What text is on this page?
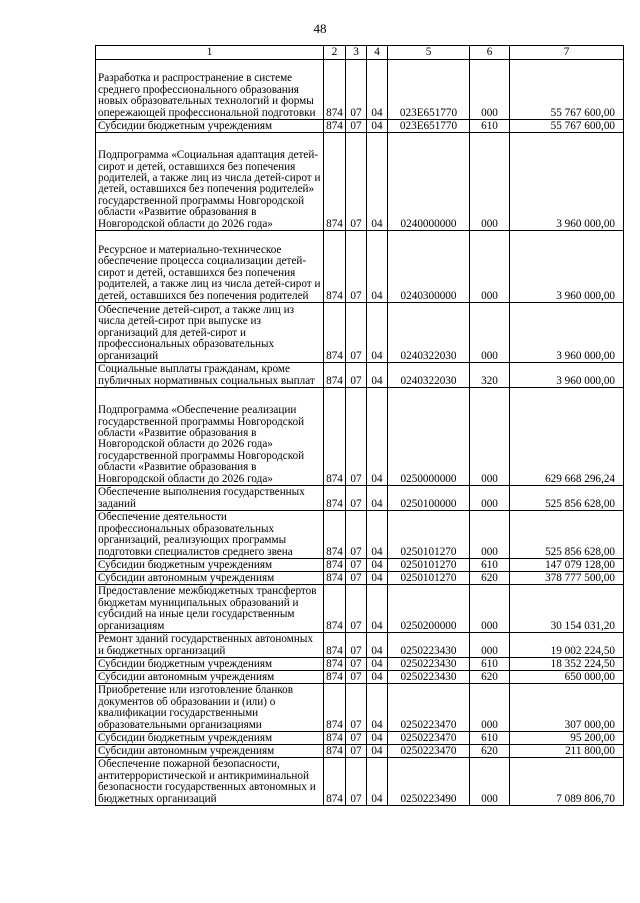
48
1	2	3	4	5	6	7
Разработка и распространение в системе среднего профессионального образования новых образовательных технологий и формы опережающей профессиональной подготовки	874	07	04	023E651770	000	55 767 600,00
Субсидии бюджетным учреждениям	874	07	04	023E651770	610	55 767 600,00
Подпрограмма «Социальная адаптация детей-сирот и детей, оставшихся без попечения родителей, а также лиц из числа детей-сирот и детей, оставшихся без попечения родителей» государственной программы Новгородской области «Развитие образования в Новгородской области до 2026 года»	874	07	04	0240000000	000	3 960 000,00
Ресурсное и материально-техническое обеспечение процесса социализации детей-сирот и детей, оставшихся без попечения родителей, а также лиц из числа детей-сирот и детей, оставшихся без попечения родителей	874	07	04	0240300000	000	3 960 000,00
Обеспечение детей-сирот, а также лиц из числа детей-сирот при выпуске из организаций для детей-сирот и профессиональных образовательных организаций	874	07	04	0240322030	000	3 960 000,00
Социальные выплаты гражданам, кроме публичных нормативных социальных выплат	874	07	04	0240322030	320	3 960 000,00
Подпрограмма «Обеспечение реализации государственной программы Новгородской области «Развитие образования в Новгородской области до 2026 года» государственной программы Новгородской области «Развитие образования в Новгородской области до 2026 года»	874	07	04	0250000000	000	629 668 296,24
Обеспечение выполнения государственных заданий	874	07	04	0250100000	000	525 856 628,00
Обеспечение деятельности профессиональных образовательных организаций, реализующих программы подготовки специалистов среднего звена	874	07	04	0250101270	000	525 856 628,00
Субсидии бюджетным учреждениям	874	07	04	0250101270	610	147 079 128,00
Субсидии автономным учреждениям	874	07	04	0250101270	620	378 777 500,00
Предоставление межбюджетных трансфертов бюджетам муниципальных образований и субсидий на иные цели государственным организациям	874	07	04	0250200000	000	30 154 031,20
Ремонт зданий государственных автономных и бюджетных организаций	874	07	04	0250223430	000	19 002 224,50
Субсидии бюджетным учреждениям	874	07	04	0250223430	610	18 352 224,50
Субсидии автономным учреждениям	874	07	04	0250223430	620	650 000,00
Приобретение или изготовление бланков документов об образовании и (или) о квалификации государственными образовательными организациями	874	07	04	0250223470	000	307 000,00
Субсидии бюджетным учреждениям	874	07	04	0250223470	610	95 200,00
Субсидии автономным учреждениям	874	07	04	0250223470	620	211 800,00
Обеспечение пожарной безопасности, антитеррористической и антикриминальной безопасности государственных автономных и бюджетных организаций	874	07	04	0250223490	000	7 089 806,70
